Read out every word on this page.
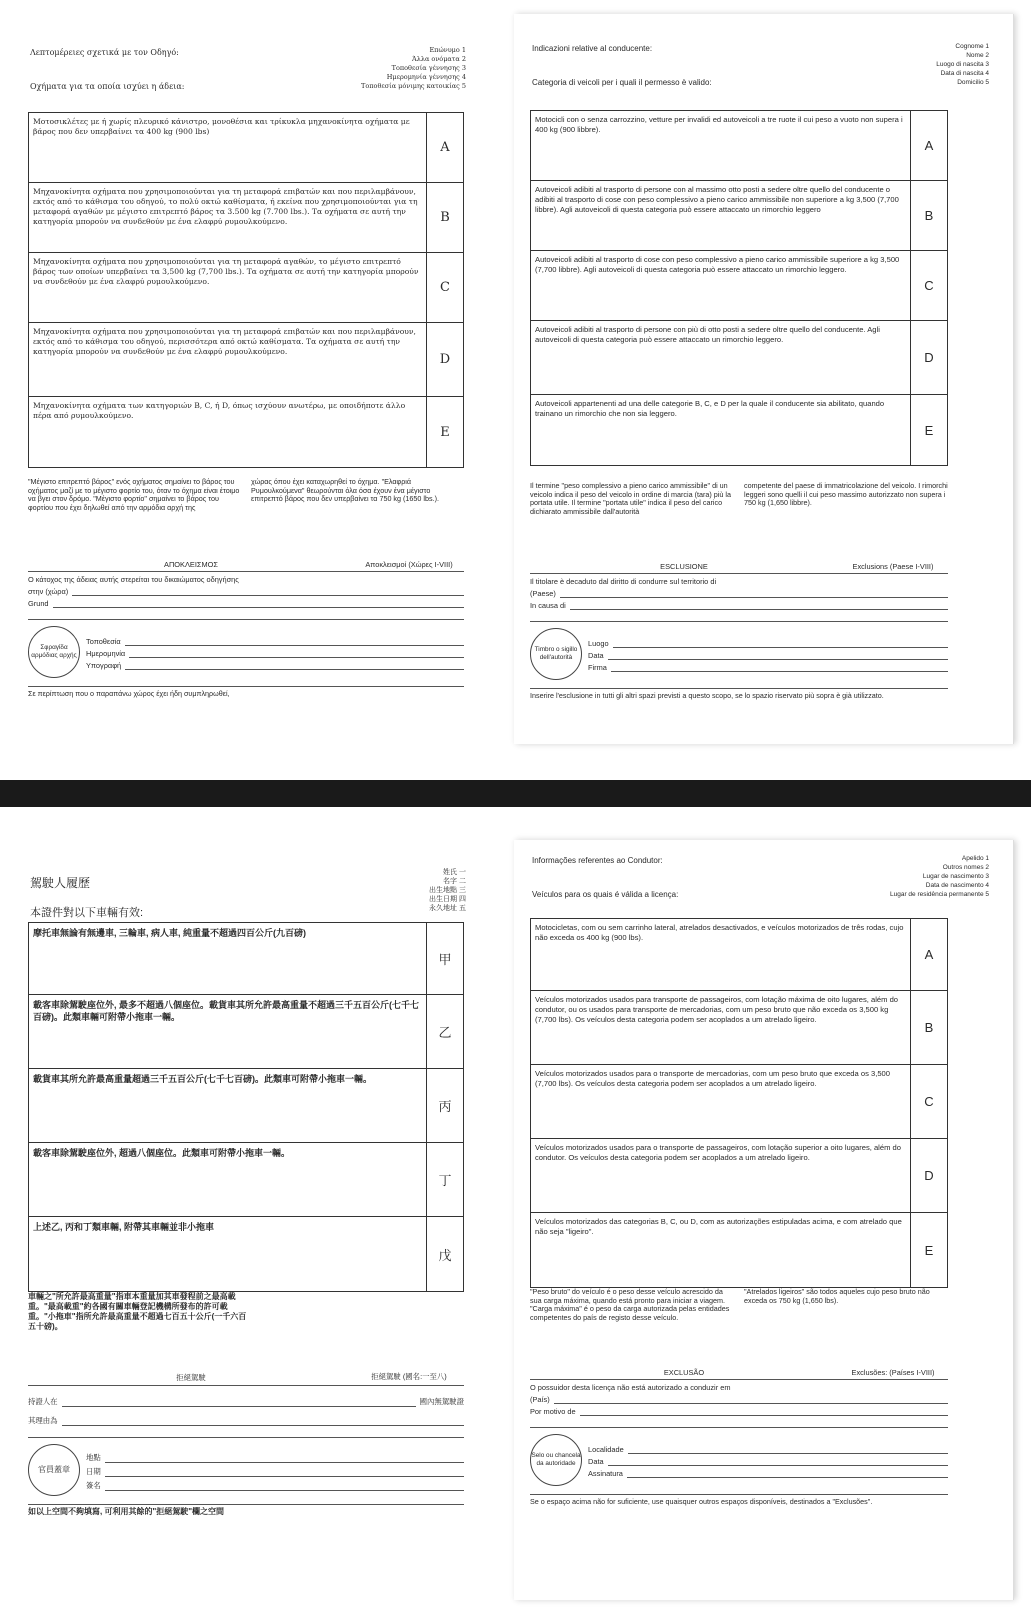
Λεπτομέρειες σχετικά με τον Οδηγό:
Οχήματα για τα οποία ισχύει η άδεια:
Επώνυμο 1
Άλλα ονόματα 2
Τοποθεσία γέννησης 3
Ημερομηνία γέννησης 4
Τοποθεσία μόνιμης κατοικίας 5
Μοτοσικλέτες με ή χωρίς πλευρικό κάνιστρο, μονοθέσια και τρίκυκλα μηχανοκίνητα οχήματα με βάρος που δεν υπερβαίνει τα 400 kg (900 lbs)
A
Μηχανοκίνητα οχήματα που χρησιμοποιούνται για τη μεταφορά επιβατών και που περιλαμβάνουν, εκτός από το κάθισμα του οδηγού, το πολύ οκτώ καθίσματα, ή εκείνα που χρησιμοποιούνται για τη μεταφορά αγαθών με μέγιστο επιτρεπτό βάρος τα 3.500 kg (7.700 lbs.). Τα οχήματα σε αυτή την κατηγορία μπορούν να συνδεθούν με ένα ελαφρύ ρυμουλκούμενο.	B
Μηχανοκίνητα οχήματα που χρησιμοποιούνται για τη μεταφορά αγαθών, το μέγιστο επιτρεπτό βάρος των οποίων υπερβαίνει τα 3,500 kg (7,700 lbs.). Τα οχήματα σε αυτή την κατηγορία μπορούν να συνδεθούν με ένα ελαφρύ ρυμουλκούμενο.	C
Μηχανοκίνητα οχήματα που χρησιμοποιούνται για τη μεταφορά επιβατών και που περιλαμβάνουν, εκτός από το κάθισμα του οδηγού, περισσότερα από οκτώ καθίσματα. Τα οχήματα σε αυτή την κατηγορία μπορούν να συνδεθούν με ένα ελαφρύ ρυμουλκούμενο.
D
Μηχανοκίνητα οχήματα των κατηγοριών B, C, ή D, όπως ισχύουν ανωτέρω, με οποιδήποτε άλλο πέρα από ρυμουλκούμενο.
E
"Μέγιστο επιτρεπτό βάρος" ενός οχήματος σημαίνει το βάρος του οχήματος μαζί με το μέγιστο φορτίο του, όταν το όχημα είναι έτοιμο να βγει στον δρόμο. "Μέγιστο φορτίο" σημαίνει το βάρος του φορτίου που έχει δηλωθεί από την αρμόδια αρχή της
χώρας όπου έχει καταχωρηθεί το όχημα. "Ελαφριά Ρυμουλκούμενα" θεωρούνται όλα όσα έχουν ένα μέγιστο επιτρεπτό βάρος που δεν υπερβαίνει τα 750 kg (1650 lbs.).
ΑΠΟΚΛΕΙΣΜΟΣ	Αποκλεισμοί (Χώρες I-VIII)
Ο κάτοχος της άδειας αυτής στερείται του δικαιώματος οδηγήσης
στην (χώρα)
Grund
Σφραγίδα αρμόδιας αρχής
Τοποθεσία
Ημερομηνία
Υπογραφή
Σε περίπτωση που ο παραπάνω χώρος έχει ήδη συμπληρωθεί,
Indicazioni relative al conducente:
Categoria di veicoli per i quali il permesso è valido:
Cognome 1
Nome 2
Luogo di nascita 3
Data di nascita 4
Domicilio 5
Motocicli con o senza carrozzino, vetture per invalidi ed autoveicoli a tre ruote il cui peso a vuoto non supera i 400 kg (900 libbre).
A
Autoveicoli adibiti al trasporto di persone con al massimo otto posti a sedere oltre quello del conducente o adibiti al trasporto di cose con peso complessivo a pieno carico ammissibile non superiore a kg 3,500 (7,700 libbre). Agli autoveicoli di questa categoria può essere attaccato un rimorchio leggero	B
Autoveicoli adibiti al trasporto di cose con peso complessivo a pieno carico ammissibile superiore a kg 3,500 (7,700 libbre). Agli autoveicoli di questa categoria può essere attaccato un rimorchio leggero.
C
Autoveicoli adibiti al trasporto di persone con più di otto posti a sedere oltre quello del conducente. Agli autoveicoli di questa categoria può essere attaccato un rimorchio leggero.
D
Autoveicoli appartenenti ad una delle categorie B, C, e D per la quale il conducente sia abilitato, quando trainano un rimorchio che non sia leggero.
E
Il termine "peso complessivo a pieno carico ammissibile" di un veicolo indica il peso del veicolo in ordine di marcia (tara) più la portata utile. Il termine "portata utile" indica il peso del carico dichiarato ammissibile dall'autorità
competente del paese di immatricolazione del veicolo. I rimorchi leggeri sono quelli il cui peso massimo autorizzato non supera i 750 kg (1,650 libbre).
ESCLUSIONE	Exclusions (Paese I-VIII)
Il titolare è decaduto dal diritto di condurre sul territorio di
(Paese)
In causa di
Timbro o sigillo dell'autorità
Luogo
Data
Firma
Inserire l'esclusione in tutti gli altri spazi previsti a questo scopo, se lo spazio riservato più sopra è già utilizzato.
駕駛人履歷
本證件對以下車輛有效:
姓氏 一
名字 二
出生地點 三
出生日期 四
永久地址 五
摩托車無論有無邊車, 三輪車, 病人車, 純重量不超過四百公斤(九百磅)
甲
載客車除駕駛座位外, 最多不超過八個座位。載貨車其所允許最高重量不超過三千五百公斤(七千七百磅)。此類車輛可附帶小拖車一輛。
乙
載貨車其所允許最高重量超過三千五百公斤(七千七百磅)。此類車可附帶小拖車一輛。
丙
載客車除駕駛座位外, 超過八個座位。此類車可附帶小拖車一輛。
丁
上述乙, 丙和丁類車輛, 附帶其車輛並非小拖車
戊
車輛之"所允許最高重量"指車本重量加其車發程前之最高載重。"最高載重"約各國有關車輛登記機構所發布的許可載重。"小拖車"指所允許最高重量不超過七百五十公斤(一千六百五十磅)。
拒絕駕駛	拒絕駕駛 (國名:一至八)
持證人在	國內無駕駛證
其理由為
官員蓋章
地點
日期
簽名
如以上空間不夠填寫, 可利用其餘的"拒絕駕駛"欄之空間
Informações referentes ao Condutor:
Veículos para os quais é válida a licença:
Apelido 1
Outros nomes 2
Lugar de nascimento 3
Data de nascimento 4
Lugar de residência permanente 5
Motocicletas, com ou sem carrinho lateral, atrelados desactivados, e veículos motorizados de três rodas, cujo não exceda os 400 kg (900 lbs).
A
Veículos motorizados usados para transporte de passageiros, com lotação máxima de oito lugares, além do condutor, ou os usados para transporte de mercadorias, com um peso bruto que não exceda os 3,500 kg (7,700 lbs). Os veículos desta categoria podem ser acoplados a um atrelado ligeiro.
B
Veículos motorizados usados para o transporte de mercadorias, com um peso bruto que exceda os 3,500 (7,700 lbs). Os veículos desta categoria podem ser acoplados a um atrelado ligeiro.
C
Veículos motorizados usados para o transporte de passageiros, com lotação superior a oito lugares, além do condutor. Os veículos desta categoria podem ser acoplados a um atrelado ligeiro.
D
Veículos motorizados das categorias B, C, ou D, com as autorizações estipuladas acima, e com atrelado que não seja "ligeiro".
E
"Peso bruto" do veículo é o peso desse veículo acrescido da sua carga máxima, quando está pronto para iniciar a viagem. "Carga máxima" é o peso da carga autorizada pelas entidades competentes do país de registo desse veículo.
"Atrelados ligeiros" são todos aqueles cujo peso bruto não exceda os 750 kg (1,650 lbs).
EXCLUSÃO	Exclusões: (Países I-VIII)
O possuidor desta licença não está autorizado a conduzir em
(País)
Por motivo de
Selo ou chancela da autoridade
Localidade
Data
Assinatura
Se o espaço acima não for suficiente, use quaisquer outros espaços disponíveis, destinados a "Exclusões".
